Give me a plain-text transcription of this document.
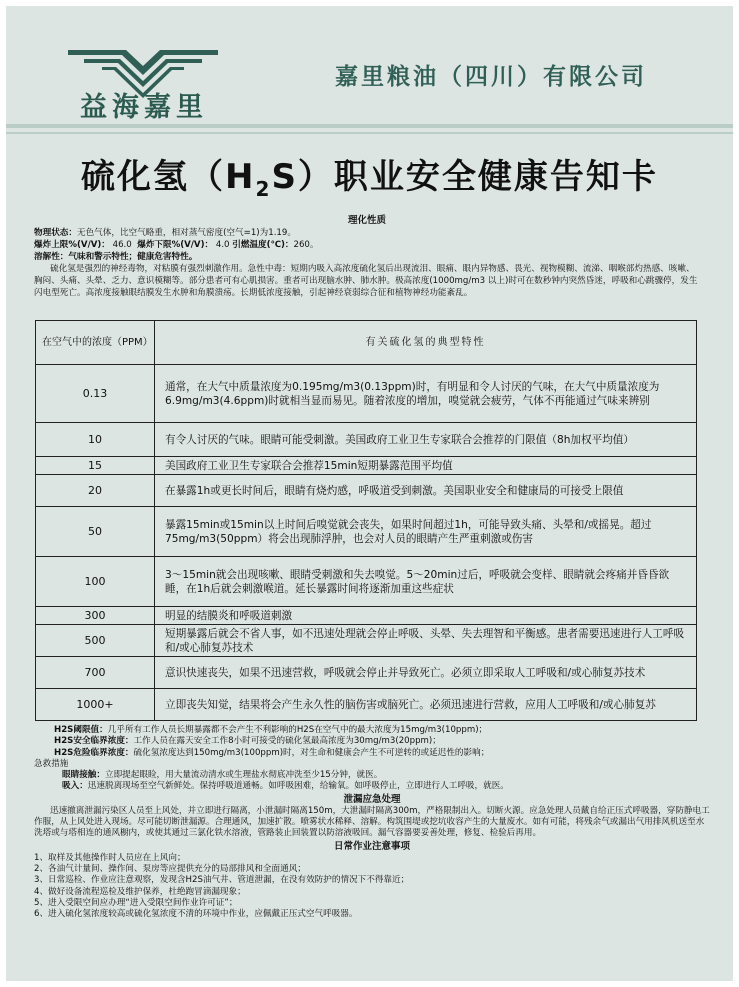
益海嘉里
嘉里粮油（四川）有限公司
硫化氢$(H_2S)$职业安全健康告知卡
理化性质
物理状态：无色气体，比空气略重，相对蒸气密度(空气=1)为1.19。
爆炸上限%(V/V)： 46.0 爆炸下限%(V/V)： 4.0 引燃温度(℃)：260。
溶解性：气味和警示特性；健康危害特性。
硫化氢是强烈的神经毒物，对粘膜有强烈刺激作用。急性中毒：短期内吸入高浓度硫化氢后出现流泪、眼痛、眼内异物感、畏光、视物模糊、流涕、咽喉部灼热感、咳嗽、胸闷、头痛、头晕、乏力、意识模糊等。部分患者可有心肌损害。重者可出现脑水肿、肺水肿。极高浓度(1000mg/m3 以上)时可在数秒钟内突然昏迷，呼吸和心跳骤停，发生闪电型死亡。高浓度接触眼结膜发生水肿和角膜溃疡。长期低浓度接触，引起神经衰弱综合征和植物神经功能紊乱。
在空气中的浓度（PPM）	有关硫化氢的典型特性
0.13	通常，在大气中质量浓度为0.195mg/m3(0.13ppm)时，有明显和令人讨厌的气味，在大气中质量浓度为6.9mg/m3(4.6ppm)时就相当显而易见。随着浓度的增加，嗅觉就会疲劳，气体不再能通过气味来辨别
10	有令人讨厌的气味。眼睛可能受刺激。美国政府工业卫生专家联合会推荐的门限值（8h加权平均值）
15	美国政府工业卫生专家联合会推荐15min短期暴露范围平均值
20	在暴露1h或更长时间后，眼睛有烧灼感，呼吸道受到刺激。美国职业安全和健康局的可接受上限值
50	暴露15min或15min以上时间后嗅觉就会丧失，如果时间超过1h，可能导致头痛、头晕和/或摇晃。超过75mg/m3(50ppm）将会出现肺浮肿，也会对人员的眼睛产生严重刺激或伤害
100	3～15min就会出现咳嗽、眼睛受刺激和失去嗅觉。5～20min过后，呼吸就会变样、眼睛就会疼痛并昏昏欲睡，在1h后就会刺激喉道。延长暴露时间将逐渐加重这些症状
300	明显的结膜炎和呼吸道刺激
500	短期暴露后就会不省人事，如不迅速处理就会停止呼吸、头晕、失去理智和平衡感。患者需要迅速进行人工呼吸和/或心肺复苏技术
700	意识快速丧失，如果不迅速营救，呼吸就会停止并导致死亡。必须立即采取人工呼吸和/或心肺复苏技术
1000+	立即丧失知觉，结果将会产生永久性的脑伤害或脑死亡。必须迅速进行营救，应用人工呼吸和/或心肺复苏
H2S阈限值：几乎所有工作人员长期暴露都不会产生不利影响的H2S在空气中的最大浓度为15mg/m3(10ppm)；
H2S安全临界浓度：工作人员在露天安全工作8小时可接受的硫化氢最高浓度为30mg/m3(20ppm)；
H2S危险临界浓度：硫化氢浓度达到150mg/m3(100ppm)时，对生命和健康会产生不可逆转的或延迟性的影响；
急救措施
眼睛接触：立即提起眼睑，用大量流动清水或生理盐水彻底冲洗至少15分钟，就医。
吸入：迅速脱离现场至空气新鲜处。保持呼吸道通畅。如呼吸困难，给输氧。如呼吸停止，立即进行人工呼吸，就医。
泄漏应急处理
迅速撤离泄漏污染区人员至上风处，并立即进行隔离，小泄漏时隔离150m，大泄漏时隔离300m，严格限制出入。切断火源。应急处理人员戴自给正压式呼吸器，穿防静电工作服，从上风处进入现场。尽可能切断泄漏源。合理通风，加速扩散。喷雾状水稀释、溶解。构筑围堤或挖坑收容产生的大量废水。如有可能，将残余气或漏出气用排风机送至水洗塔或与塔相连的通风橱内，或使其通过三氯化铁水溶液，管路装止回装置以防溶液吸回。漏气容器要妥善处理，修复、检验后再用。
日常作业注意事项
1、取样及其他操作时人员应在上风向；
2、各油气计量间、操作间、泵房等应提供充分的局部排风和全面通风；
3、日常巡检、作业应注意观察，发现含H2S油气井、管道泄漏，在没有效防护的情况下不得靠近；
4、做好设备流程巡检及维护保养，杜绝跑冒滴漏现象；
5、进入受限空间应办理“进入受限空间作业许可证”；
6、进入硫化氢浓度较高或硫化氢浓度不清的环境中作业，应佩戴正压式空气呼吸器。
